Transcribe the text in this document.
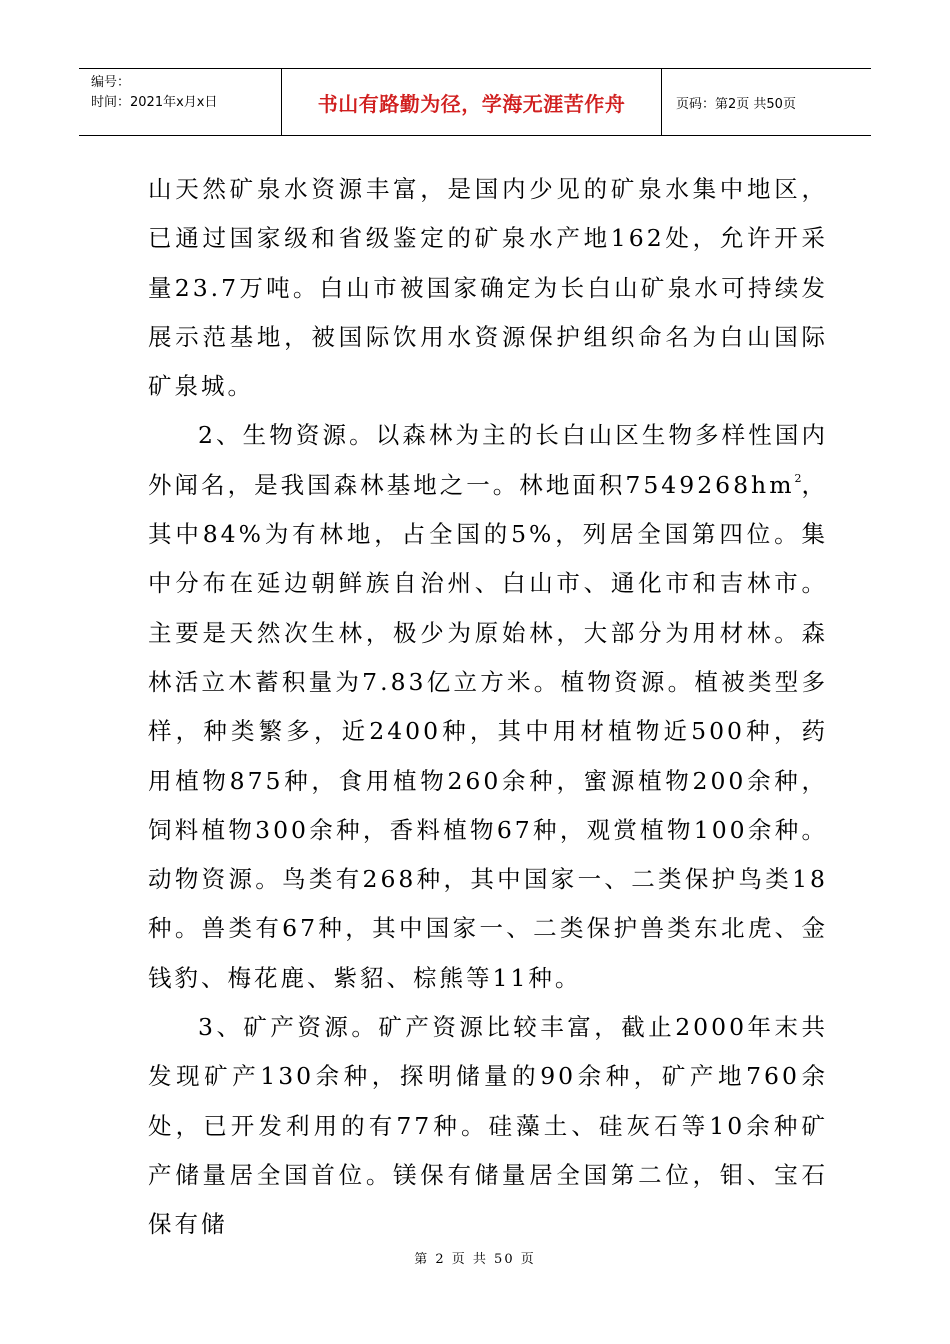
编号：
时间：2021年x月x日	书山有路勤为径，学海无涯苦作舟	页码：第2页 共50页

山天然矿泉水资源丰富，是国内少见的矿泉水集中地区，已通过国家级和省级鉴定的矿泉水产地162处，允许开采量23.7万吨。白山市被国家确定为长白山矿泉水可持续发展示范基地，被国际饮用水资源保护组织命名为白山国际矿泉城。

2、生物资源。以森林为主的长白山区生物多样性国内外闻名，是我国森林基地之一。林地面积$7549268hm^2$，其中84%为有林地，占全国的5%，列居全国第四位。集中分布在延边朝鲜族自治州、白山市、通化市和吉林市。主要是天然次生林，极少为原始林，大部分为用材林。森林活立木蓄积量为7.83亿立方米。植物资源。植被类型多样，种类繁多，近2400种，其中用材植物近500种，药用植物875种，食用植物260余种，蜜源植物200余种，饲料植物300余种，香料植物67种，观赏植物100余种。动物资源。鸟类有268种，其中国家一、二类保护鸟类18种。兽类有67种，其中国家一、二类保护兽类东北虎、金钱豹、梅花鹿、紫貂、棕熊等11种。

3、矿产资源。矿产资源比较丰富，截止2000年末共发现矿产130余种，探明储量的90余种，矿产地760余处，已开发利用的有77种。硅藻土、硅灰石等10余种矿产储量居全国首位。镁保有储量居全国第二位，钼、宝石保有储

第 2 页 共 50 页
